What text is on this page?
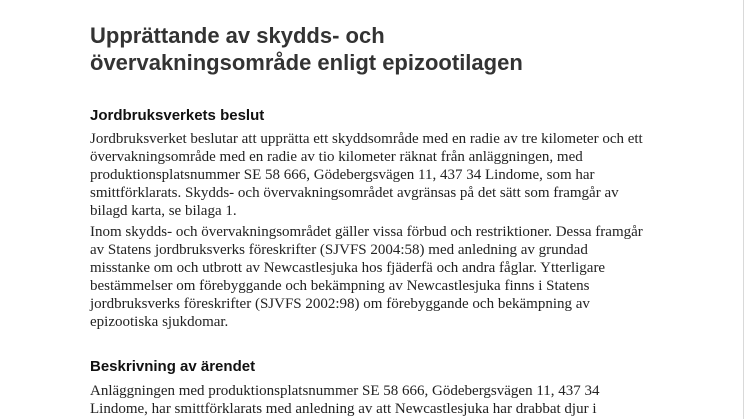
Upprättande av skydds- och
övervakningsområde enligt epizootilagen
Jordbruksverkets beslut

Jordbruksverket beslutar att upprätta ett skyddsområde med en radie av tre kilometer och ett
övervakningsområde med en radie av tio kilometer räknat från anläggningen, med
produktionsplatsnummer SE 58 666, Gödebergsvägen 11, 437 34 Lindome, som har
smittförklarats. Skydds- och övervakningsområdet avgränsas på det sätt som framgår av
bilagd karta, se bilaga 1.

Inom skydds- och övervakningsområdet gäller vissa förbud och restriktioner. Dessa framgår
av Statens jordbruksverks föreskrifter (SJVFS 2004:58) med anledning av grundad
misstanke om och utbrott av Newcastlesjuka hos fjäderfä och andra fåglar. Ytterligare
bestämmelser om förebyggande och bekämpning av Newcastlesjuka finns i Statens
jordbruksverks föreskrifter (SJVFS 2002:98) om förebyggande och bekämpning av
epizootiska sjukdomar.

Beskrivning av ärendet

Anläggningen med produktionsplatsnummer SE 58 666, Gödebergsvägen 11, 437 34
Lindome, har smittförklarats med anledning av att Newcastlesjuka har drabbat djur i
